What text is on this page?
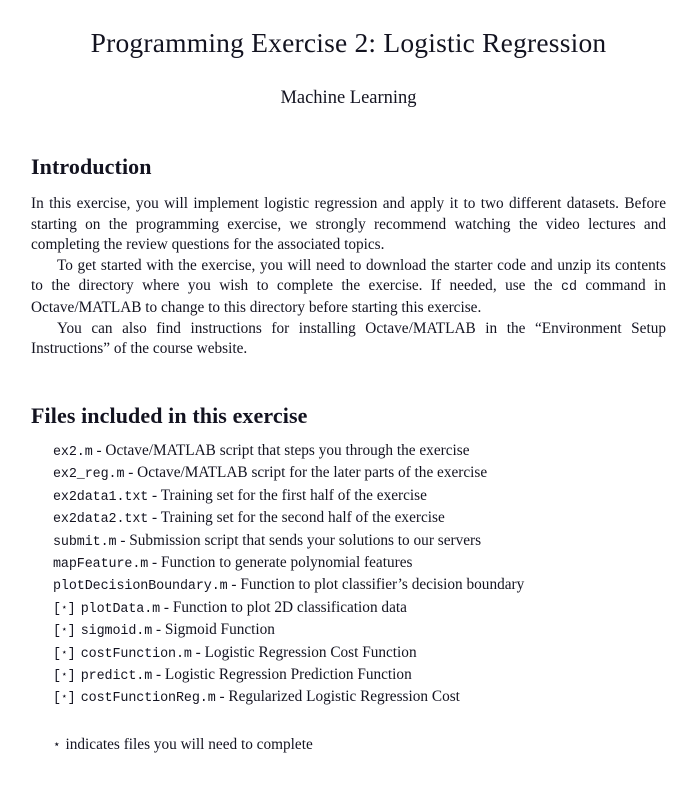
Programming Exercise 2: Logistic Regression
Machine Learning
Introduction

In this exercise, you will implement logistic regression and apply it to two different datasets. Before starting on the programming exercise, we strongly recommend watching the video lectures and completing the review questions for the associated topics.

To get started with the exercise, you will need to download the starter code and unzip its contents to the directory where you wish to complete the exercise. If needed, use the cd command in Octave/MATLAB to change to this directory before starting this exercise.

You can also find instructions for installing Octave/MATLAB in the “Environment Setup Instructions” of the course website.

Files included in this exercise
ex2.m - Octave/MATLAB script that steps you through the exercise
ex2_reg.m - Octave/MATLAB script for the later parts of the exercise
ex2data1.txt - Training set for the first half of the exercise
ex2data2.txt - Training set for the second half of the exercise
submit.m - Submission script that sends your solutions to our servers
mapFeature.m - Function to generate polynomial features
plotDecisionBoundary.m - Function to plot classifier’s decision boundary
[⋆] plotData.m - Function to plot 2D classification data
[⋆] sigmoid.m - Sigmoid Function
[⋆] costFunction.m - Logistic Regression Cost Function
[⋆] predict.m - Logistic Regression Prediction Function
[⋆] costFunctionReg.m - Regularized Logistic Regression Cost

⋆ indicates files you will need to complete
